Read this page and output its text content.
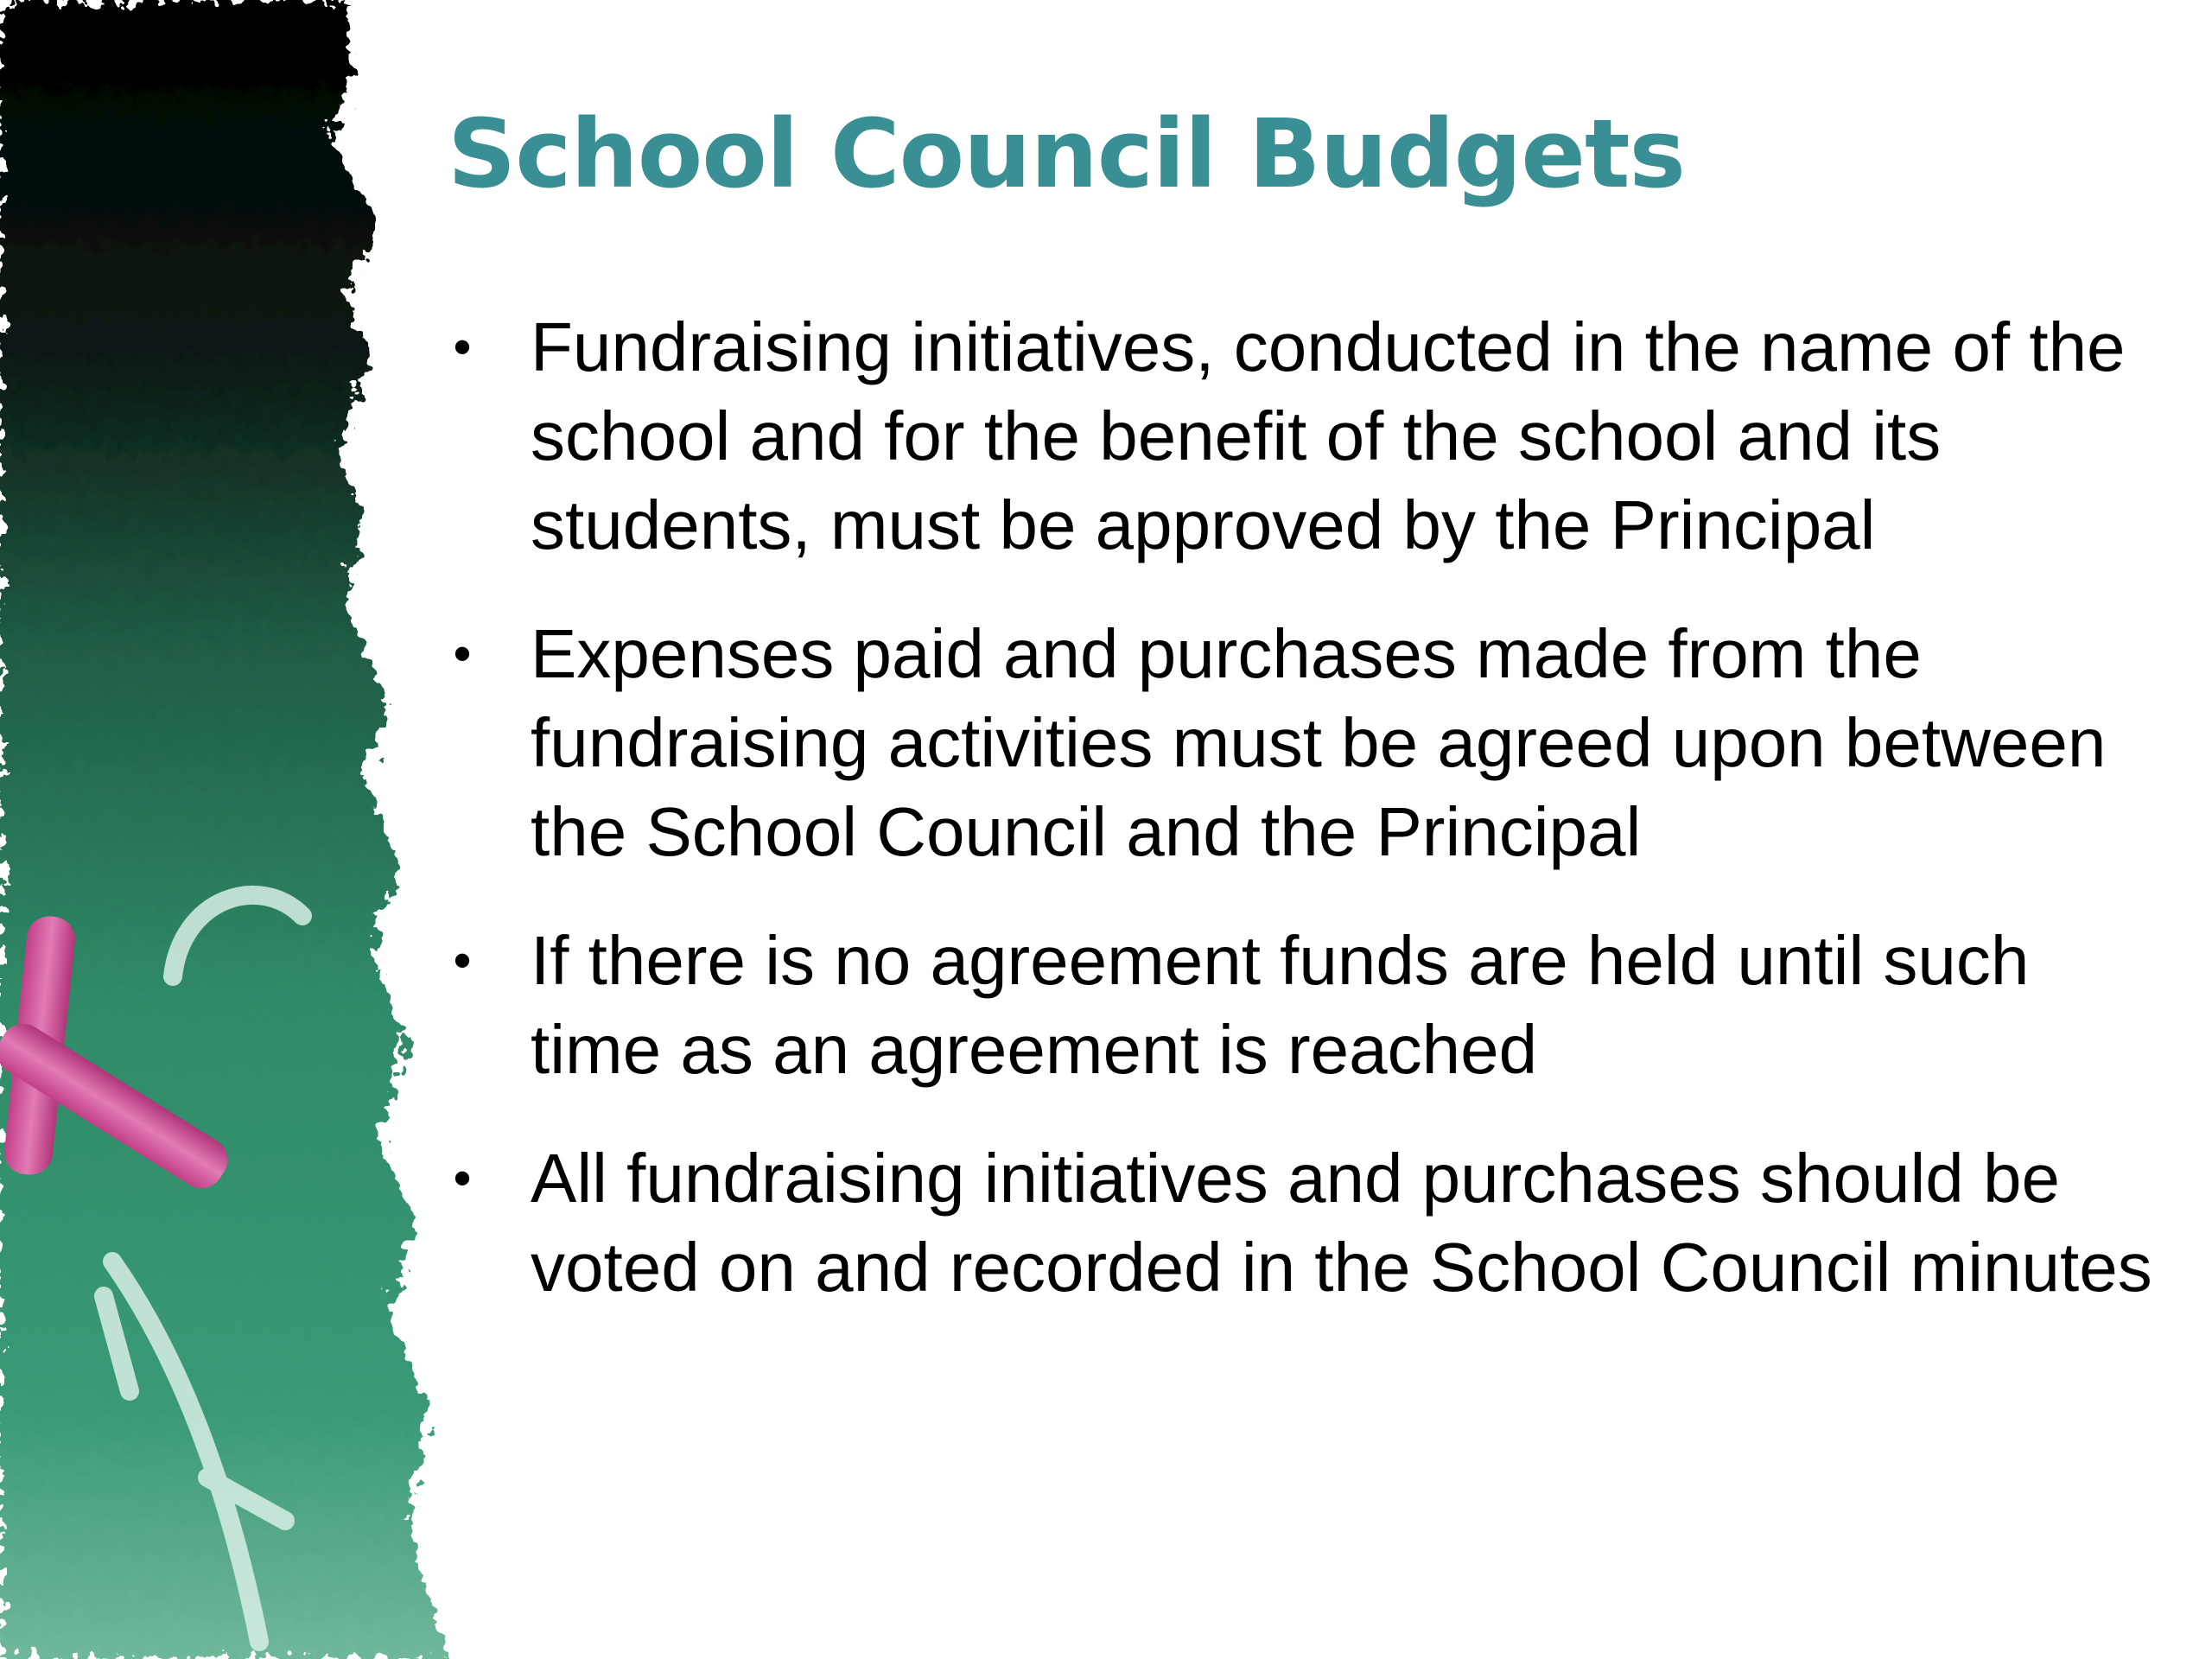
School Council Budgets
• Fundraising initiatives, conducted in the name of the school and for the benefit of the school and its students, must be approved by the Principal
• Expenses paid and purchases made from the fundraising activities must be agreed upon between the School Council and the Principal
• If there is no agreement funds are held until such time as an agreement is reached
• All fundraising initiatives and purchases should be voted on and recorded in the School Council minutes
